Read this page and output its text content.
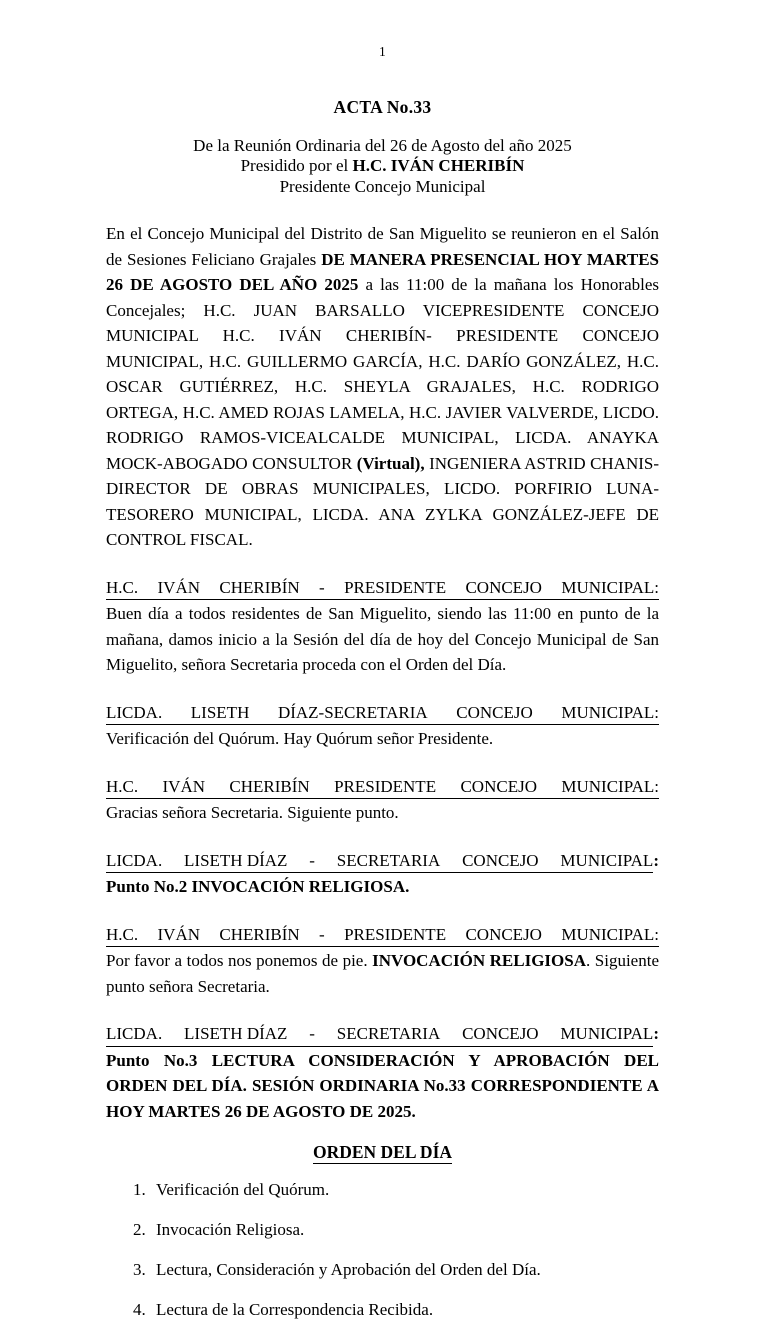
1
ACTA No.33
De la Reunión Ordinaria del 26 de Agosto del año 2025
Presidido por el H.C. IVÁN CHERIBÍN
Presidente Concejo Municipal
En el Concejo Municipal del Distrito de San Miguelito se reunieron en el Salón de Sesiones Feliciano Grajales DE MANERA PRESENCIAL HOY MARTES 26 DE AGOSTO DEL AÑO 2025 a las 11:00 de la mañana los Honorables Concejales; H.C. JUAN BARSALLO VICEPRESIDENTE CONCEJO MUNICIPAL H.C. IVÁN CHERIBÍN- PRESIDENTE CONCEJO MUNICIPAL, H.C. GUILLERMO GARCÍA, H.C. DARÍO GONZÁLEZ, H.C. OSCAR GUTIÉRREZ, H.C. SHEYLA GRAJALES, H.C. RODRIGO ORTEGA, H.C. AMED ROJAS LAMELA, H.C. JAVIER VALVERDE, LICDO. RODRIGO RAMOS-VICEALCALDE MUNICIPAL, LICDA. ANAYKA MOCK-ABOGADO CONSULTOR (Virtual), INGENIERA ASTRID CHANIS-DIRECTOR DE OBRAS MUNICIPALES, LICDO. PORFIRIO LUNA-TESORERO MUNICIPAL, LICDA. ANA ZYLKA GONZÁLEZ-JEFE DE CONTROL FISCAL.
H.C. IVÁN CHERIBÍN - PRESIDENTE CONCEJO MUNICIPAL:
Buen día a todos residentes de San Miguelito, siendo las 11:00 en punto de la mañana, damos inicio a la Sesión del día de hoy del Concejo Municipal de San Miguelito, señora Secretaria proceda con el Orden del Día.
LICDA. LISETH DÍAZ-SECRETARIA CONCEJO MUNICIPAL:
Verificación del Quórum. Hay Quórum señor Presidente.
H.C. IVÁN CHERIBÍN PRESIDENTE CONCEJO MUNICIPAL:
Gracias señora Secretaria. Siguiente punto.
LICDA. LISETH DÍAZ - SECRETARIA CONCEJO MUNICIPAL :
Punto No.2 INVOCACIÓN RELIGIOSA.
H.C. IVÁN CHERIBÍN - PRESIDENTE CONCEJO MUNICIPAL:
Por favor a todos nos ponemos de pie. INVOCACIÓN RELIGIOSA. Siguiente punto señora Secretaria.
LICDA. LISETH DÍAZ - SECRETARIA CONCEJO MUNICIPAL :
Punto No.3 LECTURA CONSIDERACIÓN Y APROBACIÓN DEL ORDEN DEL DÍA. SESIÓN ORDINARIA No.33 CORRESPONDIENTE A HOY MARTES 26 DE AGOSTO DE 2025.
ORDEN DEL DÍA
1. Verificación del Quórum.
2. Invocación Religiosa.
3. Lectura, Consideración y Aprobación del Orden del Día.
4. Lectura de la Correspondencia Recibida.
